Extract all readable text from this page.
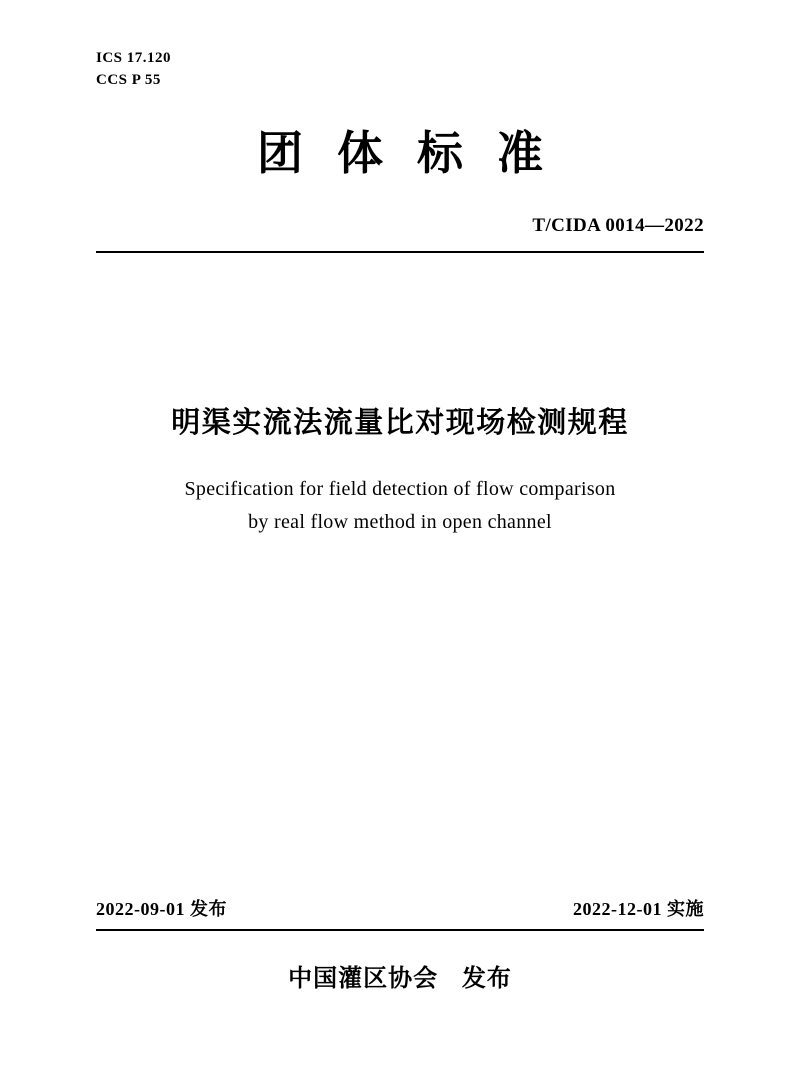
ICS 17.120
CCS P 55
团体标准
T/CIDA 0014—2022
明渠实流法流量比对现场检测规程
Specification for field detection of flow comparison
by real flow method in open channel
2022-09-01 发布	2022-12-01 实施
中国灌区协会 发布
